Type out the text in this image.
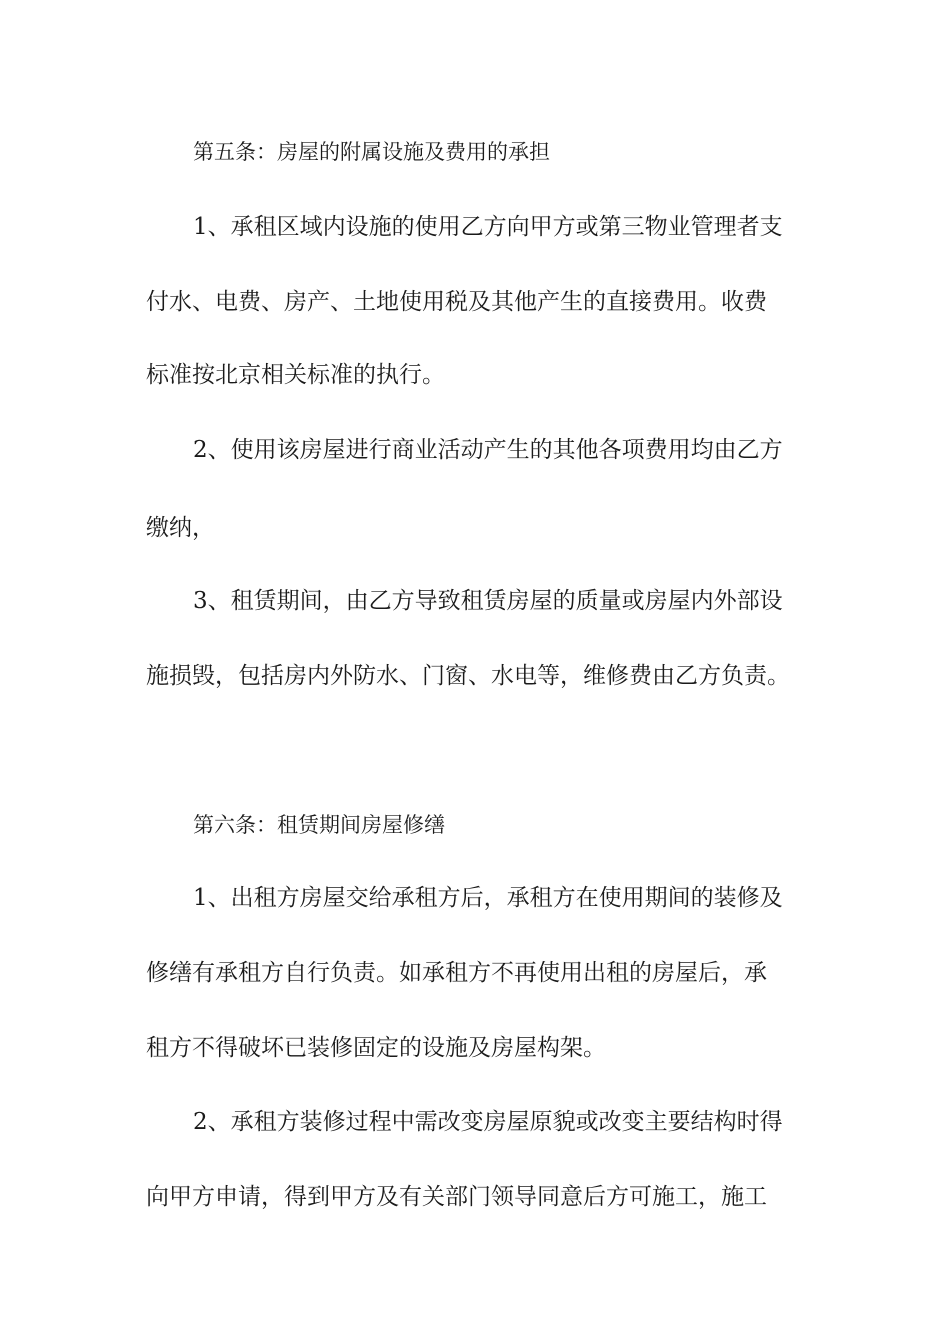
第五条：房屋的附属设施及费用的承担
1、承租区域内设施的使用乙方向甲方或第三物业管理者支
付水、电费、房产、土地使用税及其他产生的直接费用。收费
标准按北京相关标准的执行。
2、使用该房屋进行商业活动产生的其他各项费用均由乙方
缴纳，
3、租赁期间，由乙方导致租赁房屋的质量或房屋内外部设
施损毁，包括房内外防水、门窗、水电等，维修费由乙方负责。
第六条：租赁期间房屋修缮
1、出租方房屋交给承租方后，承租方在使用期间的装修及
修缮有承租方自行负责。如承租方不再使用出租的房屋后，承
租方不得破坏已装修固定的设施及房屋构架。
2、承租方装修过程中需改变房屋原貌或改变主要结构时得
向甲方申请，得到甲方及有关部门领导同意后方可施工，施工
